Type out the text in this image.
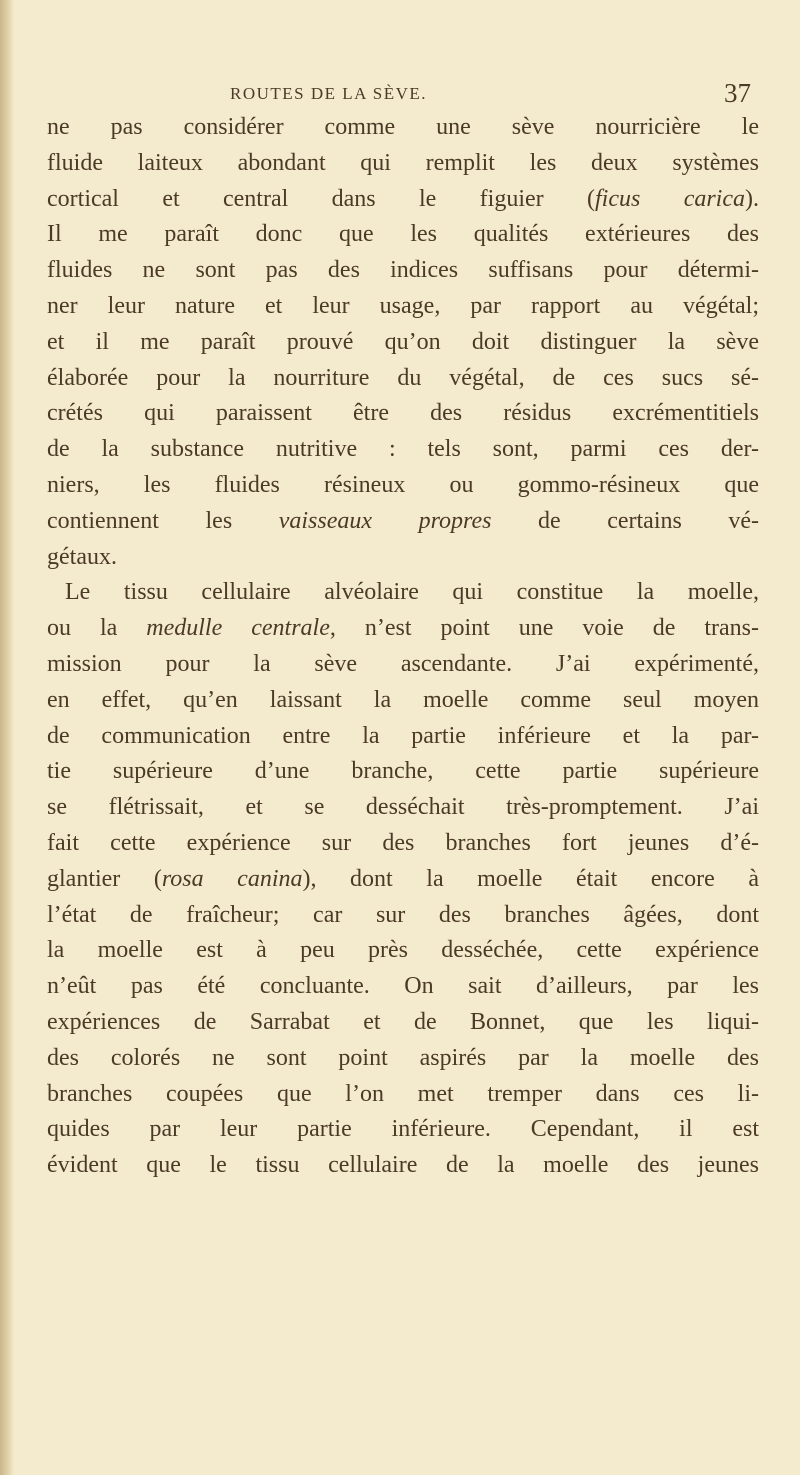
ROUTES DE LA SÈVE.	37
ne pas considérer comme une sève nourricière le
fluide laiteux abondant qui remplit les deux systèmes
cortical et central dans le figuier (ficus carica).
Il me paraît donc que les qualités extérieures des
fluides ne sont pas des indices suffisans pour détermi-
ner leur nature et leur usage, par rapport au végétal;
et il me paraît prouvé qu’on doit distinguer la sève
élaborée pour la nourriture du végétal, de ces sucs sé-
crétés qui paraissent être des résidus excrémentitiels
de la substance nutritive : tels sont, parmi ces der-
niers, les fluides résineux ou gommo-résineux que
contiennent les vaisseaux propres de certains vé-
gétaux.
Le tissu cellulaire alvéolaire qui constitue la moelle,
ou la medulle centrale, n’est point une voie de trans-
mission pour la sève ascendante. J’ai expérimenté,
en effet, qu’en laissant la moelle comme seul moyen
de communication entre la partie inférieure et la par-
tie supérieure d’une branche, cette partie supérieure
se flétrissait, et se desséchait très-promptement. J’ai
fait cette expérience sur des branches fort jeunes d’é-
glantier (rosa canina), dont la moelle était encore à
l’état de fraîcheur; car sur des branches âgées, dont
la moelle est à peu près desséchée, cette expérience
n’eût pas été concluante. On sait d’ailleurs, par les
expériences de Sarrabat et de Bonnet, que les liqui-
des colorés ne sont point aspirés par la moelle des
branches coupées que l’on met tremper dans ces li-
quides par leur partie inférieure. Cependant, il est
évident que le tissu cellulaire de la moelle des jeunes
